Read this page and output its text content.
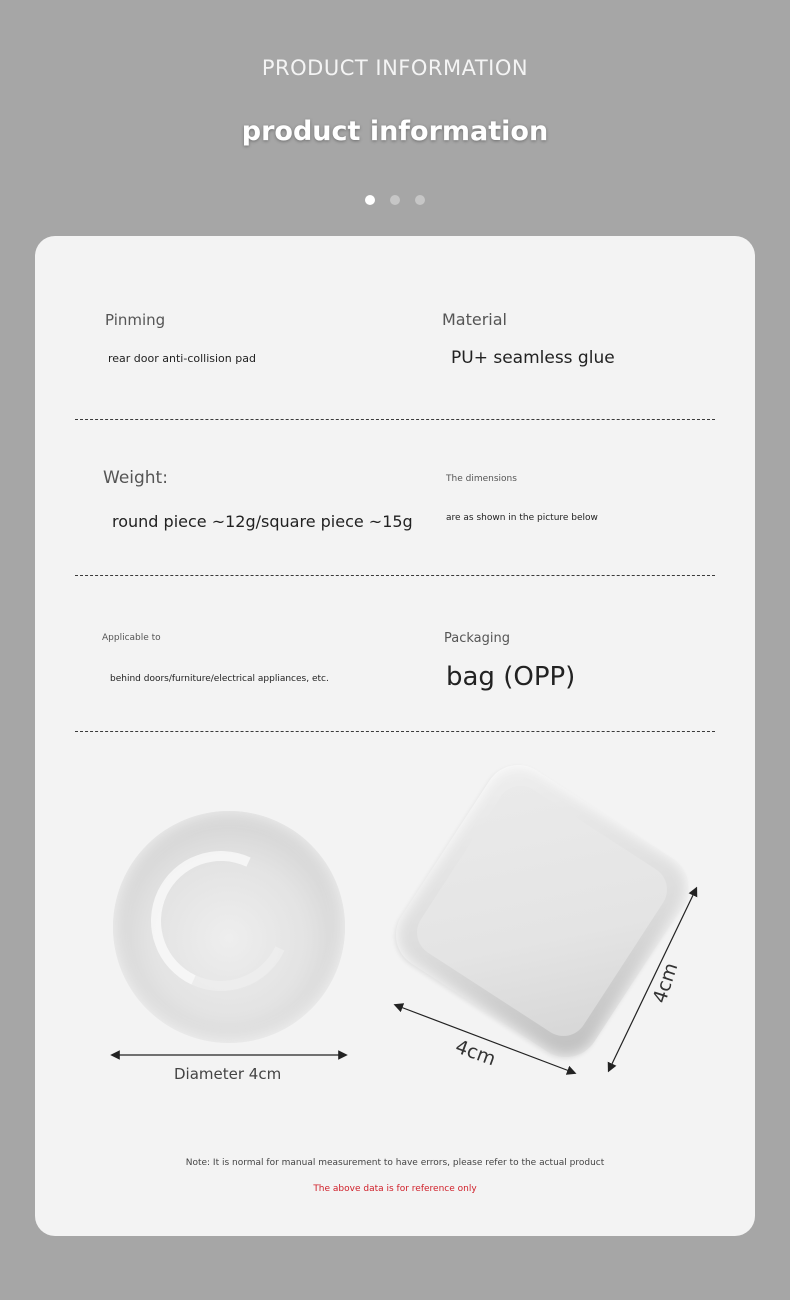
PRODUCT INFORMATION
product information

Pinming
rear door anti-collision pad
Material
PU+ seamless glue
Weight:
round piece ~12g/square piece ~15g
The dimensions
are as shown in the picture below
Applicable to
behind doors/furniture/electrical appliances, etc.
Packaging
bag (OPP)
Diameter 4cm
4cm
4cm
Note: It is normal for manual measurement to have errors, please refer to the actual product
The above data is for reference only
